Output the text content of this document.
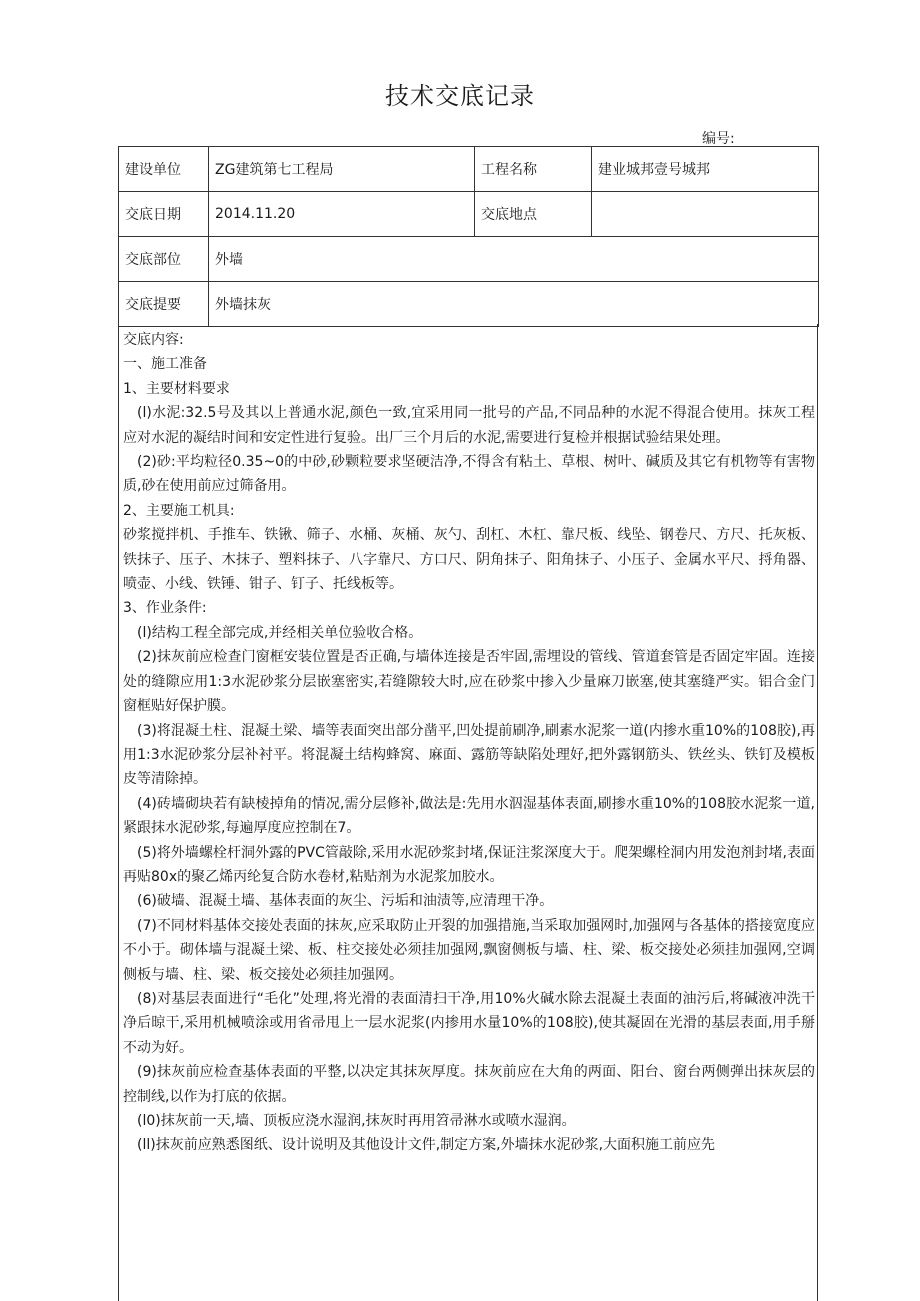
技术交底记录
编号:
建设单位	ZG建筑第七工程局	工程名称	建业城邦壹号城邦
交底日期	2014.11.20	交底地点	
交底部位	外墙		
交底提要	外墙抹灰		

交底内容:

一、施工准备

1、主要材料要求

(l)水泥:32.5号及其以上普通水泥,颜色一致,宜采用同一批号的产品,不同品种的水泥不得混合使用。抹灰工程应对水泥的凝结时间和安定性进行复验。出厂三个月后的水泥,需要进行复检并根据试验结果处理。

(2)砂:平均粒径0.35~0的中砂,砂颗粒要求坚硬洁净,不得含有粘土、草根、树叶、碱质及其它有机物等有害物质,砂在使用前应过筛备用。

2、主要施工机具:

砂浆搅拌机、手推车、铁锹、筛子、水桶、灰桶、灰勺、刮杠、木杠、靠尺板、线坠、钢卷尺、方尺、托灰板、铁抹子、压子、木抹子、塑料抹子、八字靠尺、方口尺、阴角抹子、阳角抹子、小压子、金属水平尺、捋角器、喷壶、小线、铁锤、钳子、钉子、托线板等。

3、作业条件:

(l)结构工程全部完成,并经相关单位验收合格。

(2)抹灰前应检查门窗框安装位置是否正确,与墙体连接是否牢固,需埋设的管线、管道套管是否固定牢固。连接处的缝隙应用1:3水泥砂浆分层嵌塞密实,若缝隙较大时,应在砂浆中掺入少量麻刀嵌塞,使其塞缝严实。铝合金门窗框贴好保护膜。

(3)将混凝土柱、混凝土梁、墙等表面突出部分凿平,凹处提前刷净,刷素水泥浆一道(内掺水重10%的108胶),再用1:3水泥砂浆分层补衬平。将混凝土结构蜂窝、麻面、露筋等缺陷处理好,把外露钢筋头、铁丝头、铁钉及模板皮等清除掉。

(4)砖墙砌块若有缺棱掉角的情况,需分层修补,做法是:先用水泅湿基体表面,刷掺水重10%的108胶水泥浆一道,紧跟抹水泥砂浆,每遍厚度应控制在7。

(5)将外墙螺栓杆洞外露的PVC管敲除,采用水泥砂浆封堵,保证注浆深度大于。爬架螺栓洞内用发泡剂封堵,表面再贴80x的聚乙烯丙纶复合防水卷材,粘贴剂为水泥浆加胶水。

(6)破墙、混凝土墙、基体表面的灰尘、污垢和油渍等,应清理干净。

(7)不同材料基体交接处表面的抹灰,应采取防止开裂的加强措施,当采取加强网时,加强网与各基体的搭接宽度应不小于。砌体墙与混凝土梁、板、柱交接处必须挂加强网,飘窗侧板与墙、柱、梁、板交接处必须挂加强网,空调侧板与墙、柱、梁、板交接处必须挂加强网。

(8)对基层表面进行“毛化”处理,将光滑的表面清扫干净,用10%火碱水除去混凝土表面的油污后,将碱液冲洗干净后晾干,采用机械喷涂或用省帚甩上一层水泥浆(内掺用水量10%的108胶),使其凝固在光滑的基层表面,用手掰不动为好。

(9)抹灰前应检查基体表面的平整,以决定其抹灰厚度。抹灰前应在大角的两面、阳台、窗台两侧弹出抹灰层的控制线,以作为打底的依据。

(l0)抹灰前一天,墙、顶板应浇水湿润,抹灰时再用笤帚淋水或喷水湿润。

(ll)抹灰前应熟悉图纸、设计说明及其他设计文件,制定方案,外墙抹水泥砂浆,大面积施工前应先
